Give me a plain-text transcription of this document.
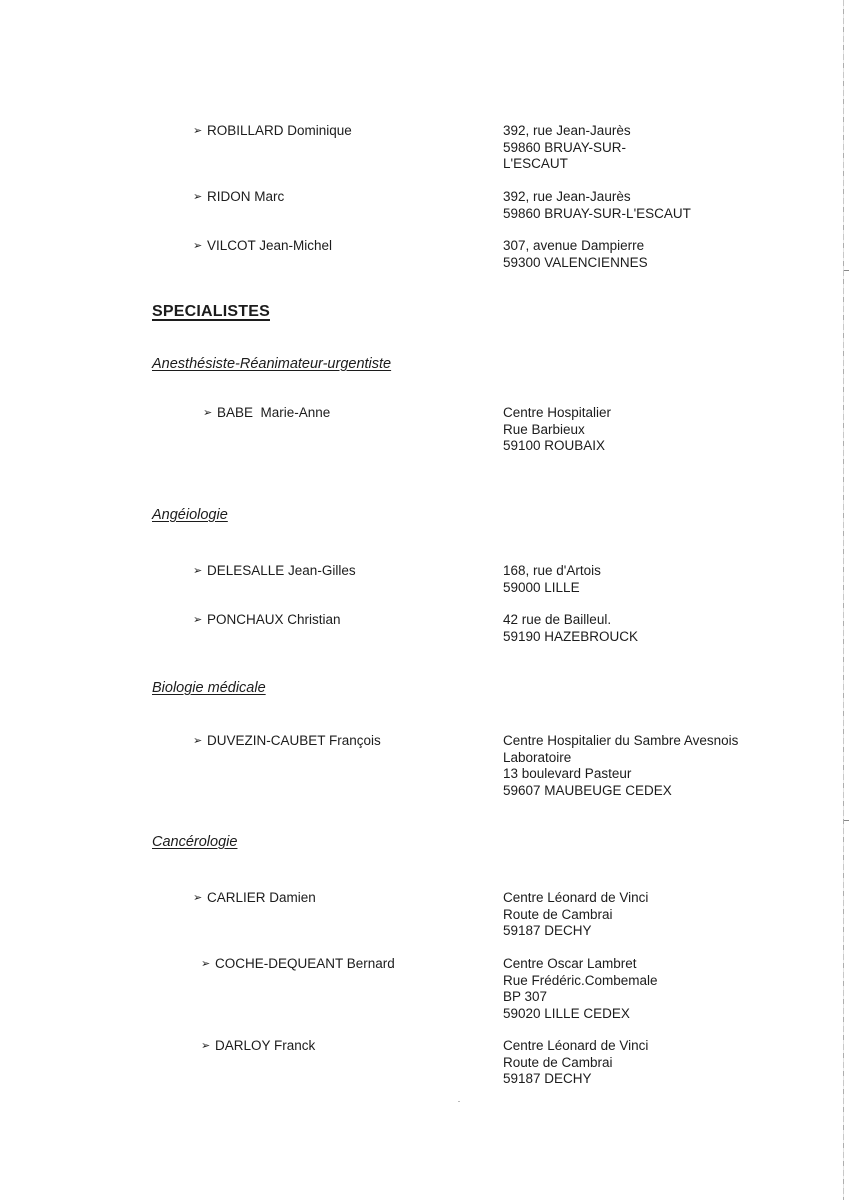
➢ ROBILLARD Dominique	392, rue Jean-Jaurès
59860 BRUAY-SUR-
L'ESCAUT
➢ RIDON Marc	392, rue Jean-Jaurès
59860 BRUAY-SUR-L'ESCAUT
➢ VILCOT Jean-Michel	307, avenue Dampierre
59300 VALENCIENNES
SPECIALISTES
Anesthésiste-Réanimateur-urgentiste
➢ BABE  Marie-Anne	Centre Hospitalier
Rue Barbieux
59100 ROUBAIX
Angéiologie
➢ DELESALLE Jean-Gilles	168, rue d'Artois
59000 LILLE
➢ PONCHAUX Christian	42 rue de Bailleul.
59190 HAZEBROUCK
Biologie médicale
➢ DUVEZIN-CAUBET François	Centre Hospitalier du Sambre Avesnois
Laboratoire
13 boulevard Pasteur
59607 MAUBEUGE CEDEX
Cancérologie
➢ CARLIER Damien	Centre Léonard de Vinci
Route de Cambrai
59187 DECHY
➢ COCHE-DEQUEANT Bernard	Centre Oscar Lambret
Rue Frédéric.Combemale
BP 307
59020 LILLE CEDEX
➢ DARLOY Franck	Centre Léonard de Vinci
Route de Cambrai
59187 DECHY
